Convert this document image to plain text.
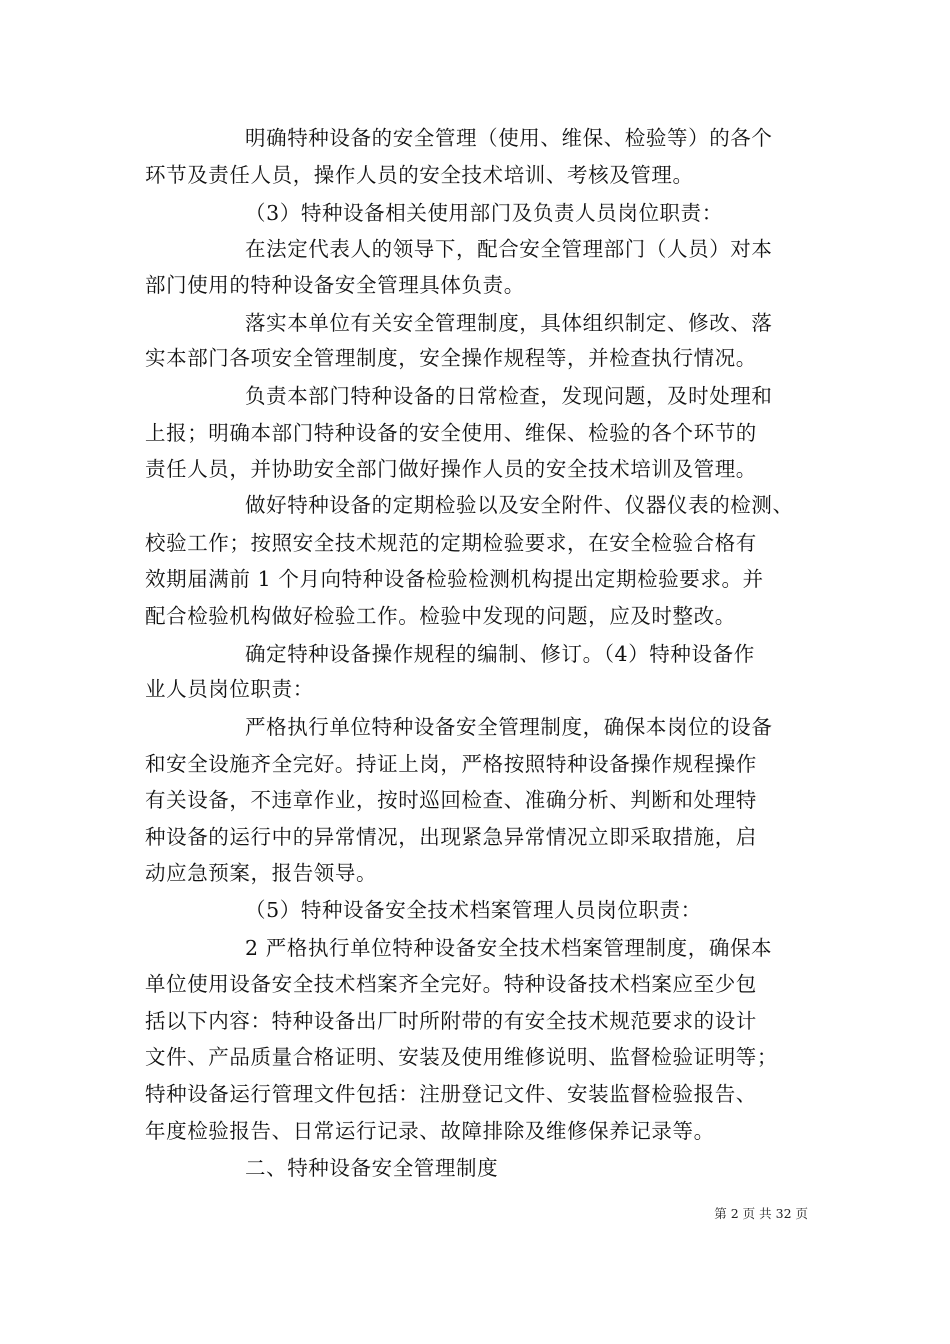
明确特种设备的安全管理（使用、维保、检验等）的各个
环节及责任人员，操作人员的安全技术培训、考核及管理。
（3）特种设备相关使用部门及负责人员岗位职责：
在法定代表人的领导下，配合安全管理部门（人员）对本
部门使用的特种设备安全管理具体负责。
落实本单位有关安全管理制度，具体组织制定、修改、落
实本部门各项安全管理制度，安全操作规程等，并检查执行情况。
负责本部门特种设备的日常检查，发现问题，及时处理和
上报；明确本部门特种设备的安全使用、维保、检验的各个环节的
责任人员，并协助安全部门做好操作人员的安全技术培训及管理。
做好特种设备的定期检验以及安全附件、仪器仪表的检测、
校验工作；按照安全技术规范的定期检验要求，在安全检验合格有
效期届满前 1 个月向特种设备检验检测机构提出定期检验要求。并
配合检验机构做好检验工作。检验中发现的问题，应及时整改。
确定特种设备操作规程的编制、修订。（4）特种设备作
业人员岗位职责：
严格执行单位特种设备安全管理制度，确保本岗位的设备
和安全设施齐全完好。持证上岗，严格按照特种设备操作规程操作
有关设备，不违章作业，按时巡回检查、准确分析、判断和处理特
种设备的运行中的异常情况，出现紧急异常情况立即采取措施，启
动应急预案，报告领导。
（5）特种设备安全技术档案管理人员岗位职责：
2 严格执行单位特种设备安全技术档案管理制度，确保本
单位使用设备安全技术档案齐全完好。特种设备技术档案应至少包
括以下内容：特种设备出厂时所附带的有安全技术规范要求的设计
文件、产品质量合格证明、安装及使用维修说明、监督检验证明等；
特种设备运行管理文件包括：注册登记文件、安装监督检验报告、
年度检验报告、日常运行记录、故障排除及维修保养记录等。
二、特种设备安全管理制度
第 2 页 共 32 页
